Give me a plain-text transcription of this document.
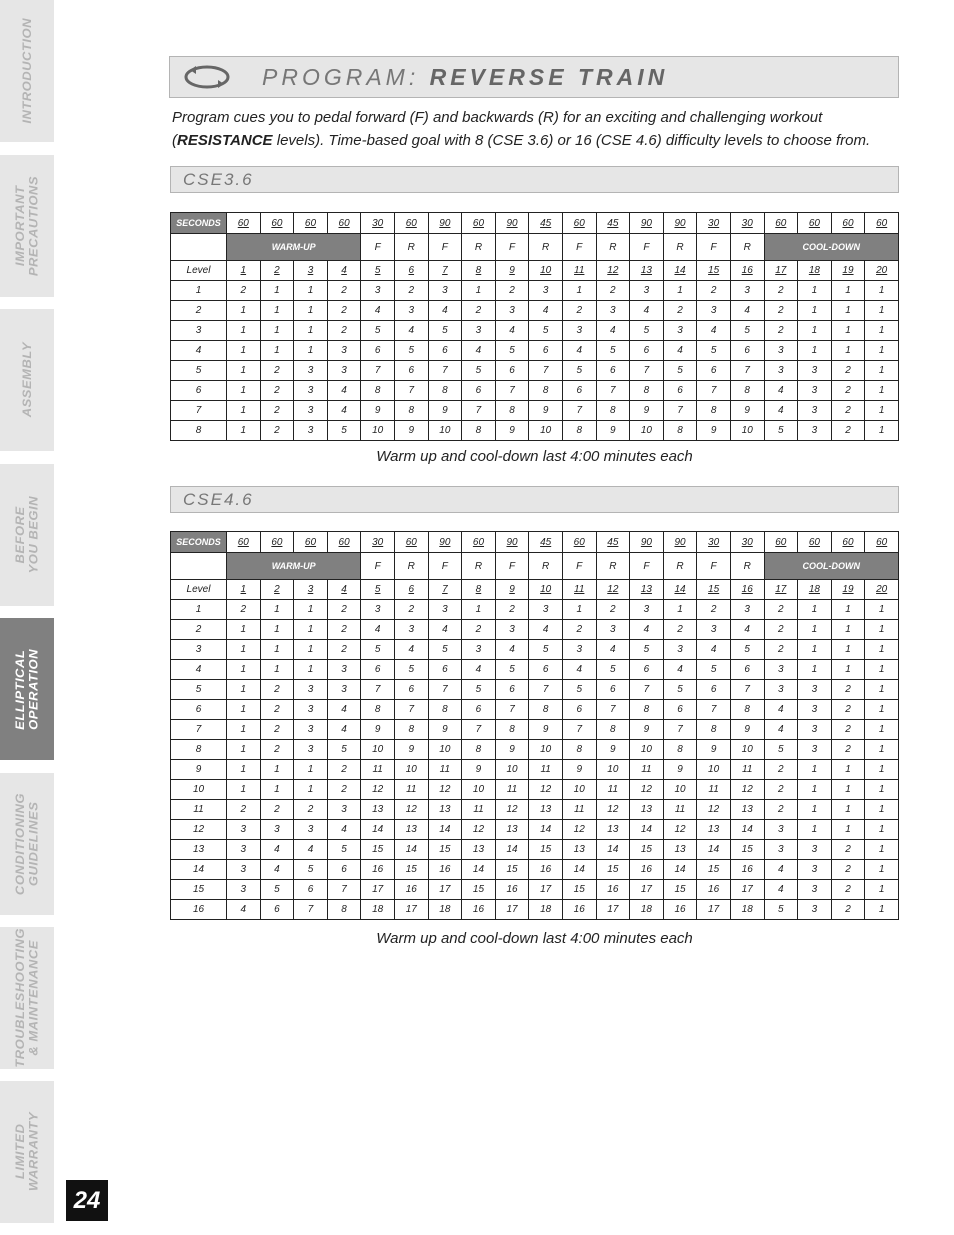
INTRODUCTION
IMPORTANT
PRECAUTIONS
ASSEMBLY
BEFORE
YOU BEGIN
ELLIPTICAL
OPERATION
CONDITIONING
GUIDELINES
TROUBLESHOOTING
& MAINTENANCE
LIMITED
WARRANTY
24
PROGRAM: REVERSE TRAIN
Program cues you to pedal forward (F) and backwards (R) for an exciting and challenging workout
(RESISTANCE levels). Time-based goal with 8 (CSE 3.6) or 16 (CSE 4.6) difficulty levels to choose from.
CSE3.6
SECONDS	60	60	60	60	30	60	90	60	90	45	60	45	90	90	30	30	60	60	60	60
	WARM-UP				F	R	F	R	F	R	F	R	F	R	F	R	COOL-DOWN			
Level	1	2	3	4	5	6	7	8	9	10	11	12	13	14	15	16	17	18	19	20
1	2	1	1	2	3	2	3	1	2	3	1	2	3	1	2	3	2	1	1	1
2	1	1	1	2	4	3	4	2	3	4	2	3	4	2	3	4	2	1	1	1
3	1	1	1	2	5	4	5	3	4	5	3	4	5	3	4	5	2	1	1	1
4	1	1	1	3	6	5	6	4	5	6	4	5	6	4	5	6	3	1	1	1
5	1	2	3	3	7	6	7	5	6	7	5	6	7	5	6	7	3	3	2	1
6	1	2	3	4	8	7	8	6	7	8	6	7	8	6	7	8	4	3	2	1
7	1	2	3	4	9	8	9	7	8	9	7	8	9	7	8	9	4	3	2	1
8	1	2	3	5	10	9	10	8	9	10	8	9	10	8	9	10	5	3	2	1
Warm up and cool-down last 4:00 minutes each
CSE4.6
SECONDS	60	60	60	60	30	60	90	60	90	45	60	45	90	90	30	30	60	60	60	60
	WARM-UP				F	R	F	R	F	R	F	R	F	R	F	R	COOL-DOWN			
Level	1	2	3	4	5	6	7	8	9	10	11	12	13	14	15	16	17	18	19	20
1	2	1	1	2	3	2	3	1	2	3	1	2	3	1	2	3	2	1	1	1
2	1	1	1	2	4	3	4	2	3	4	2	3	4	2	3	4	2	1	1	1
3	1	1	1	2	5	4	5	3	4	5	3	4	5	3	4	5	2	1	1	1
4	1	1	1	3	6	5	6	4	5	6	4	5	6	4	5	6	3	1	1	1
5	1	2	3	3	7	6	7	5	6	7	5	6	7	5	6	7	3	3	2	1
6	1	2	3	4	8	7	8	6	7	8	6	7	8	6	7	8	4	3	2	1
7	1	2	3	4	9	8	9	7	8	9	7	8	9	7	8	9	4	3	2	1
8	1	2	3	5	10	9	10	8	9	10	8	9	10	8	9	10	5	3	2	1
9	1	1	1	2	11	10	11	9	10	11	9	10	11	9	10	11	2	1	1	1
10	1	1	1	2	12	11	12	10	11	12	10	11	12	10	11	12	2	1	1	1
11	2	2	2	3	13	12	13	11	12	13	11	12	13	11	12	13	2	1	1	1
12	3	3	3	4	14	13	14	12	13	14	12	13	14	12	13	14	3	1	1	1
13	3	4	4	5	15	14	15	13	14	15	13	14	15	13	14	15	3	3	2	1
14	3	4	5	6	16	15	16	14	15	16	14	15	16	14	15	16	4	3	2	1
15	3	5	6	7	17	16	17	15	16	17	15	16	17	15	16	17	4	3	2	1
16	4	6	7	8	18	17	18	16	17	18	16	17	18	16	17	18	5	3	2	1
Warm up and cool-down last 4:00 minutes each
